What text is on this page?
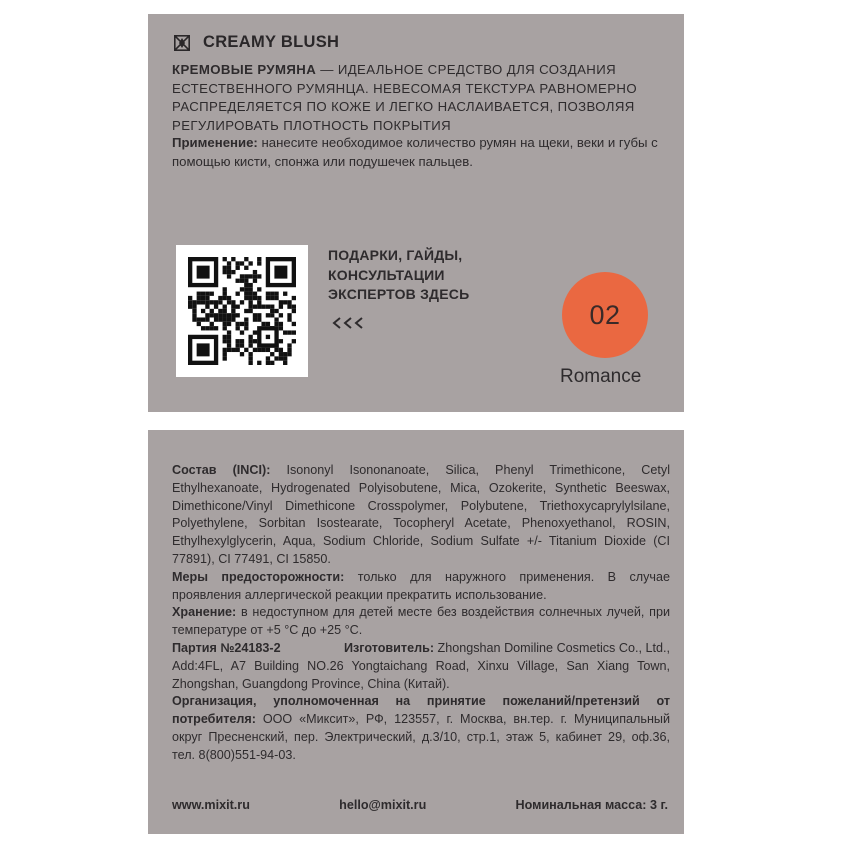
CREAMY BLUSH
КРЕМОВЫЕ РУМЯНА — ИДЕАЛЬНОЕ СРЕДСТВО ДЛЯ СОЗДАНИЯ ЕСТЕСТВЕННОГО РУМЯНЦА. НЕВЕСОМАЯ ТЕКСТУРА РАВНОМЕРНО РАСПРЕДЕЛЯЕТСЯ ПО КОЖЕ И ЛЕГКО НАСЛАИВАЕТСЯ, ПОЗВОЛЯЯ РЕГУЛИРОВАТЬ ПЛОТНОСТЬ ПОКРЫТИЯ
Применение: нанесите необходимое количество румян на щеки, веки и губы с помощью кисти, спонжа или подушечек пальцев.
ПОДАРКИ, ГАЙДЫ,
КОНСУЛЬТАЦИИ
ЭКСПЕРТОВ ЗДЕСЬ
02
Romance

Состав (INCI): Isononyl Isononanoate, Silica, Phenyl Trimethicone, Cetyl Ethylhexanoate, Hydrogenated Polyisobutene, Mica, Ozokerite, Synthetic Beeswax, Dimethicone/Vinyl Dimethicone Crosspolymer, Polybutene, Triethoxycaprylylsilane, Polyethylene, Sorbitan Isostearate, Tocopheryl Acetate, Phenoxyethanol, ROSIN, Ethylhexylglycerin, Aqua, Sodium Chloride, Sodium Sulfate +/- Titanium Dioxide (CI 77891), CI 77491, CI 15850.

Меры предосторожности: только для наружного применения. В случае проявления аллергической реакции прекратить использование.

Хранение: в недоступном для детей месте без воздействия солнечных лучей, при температуре от +5 °С до +25 °С.

Партия №24183-2	Изготовитель: Zhongshan Domiline Cosmetics Co., Ltd., Add:4FL, A7 Building NO.26 Yongtaichang Road, Xinxu Village, San Xiang Town, Zhongshan, Guangdong Province, China (Китай).

Организация, уполномоченная на принятие пожеланий/претензий от потребителя: ООО «Миксит», РФ, 123557, г. Москва, вн.тер. г. Муниципальный округ Пресненский, пер. Электрический, д.3/10, стр.1, этаж 5, кабинет 29, оф.36, тел. 8(800)551-94-03.

www.mixit.ru	hello@mixit.ru	Номинальная масса: 3 г.
